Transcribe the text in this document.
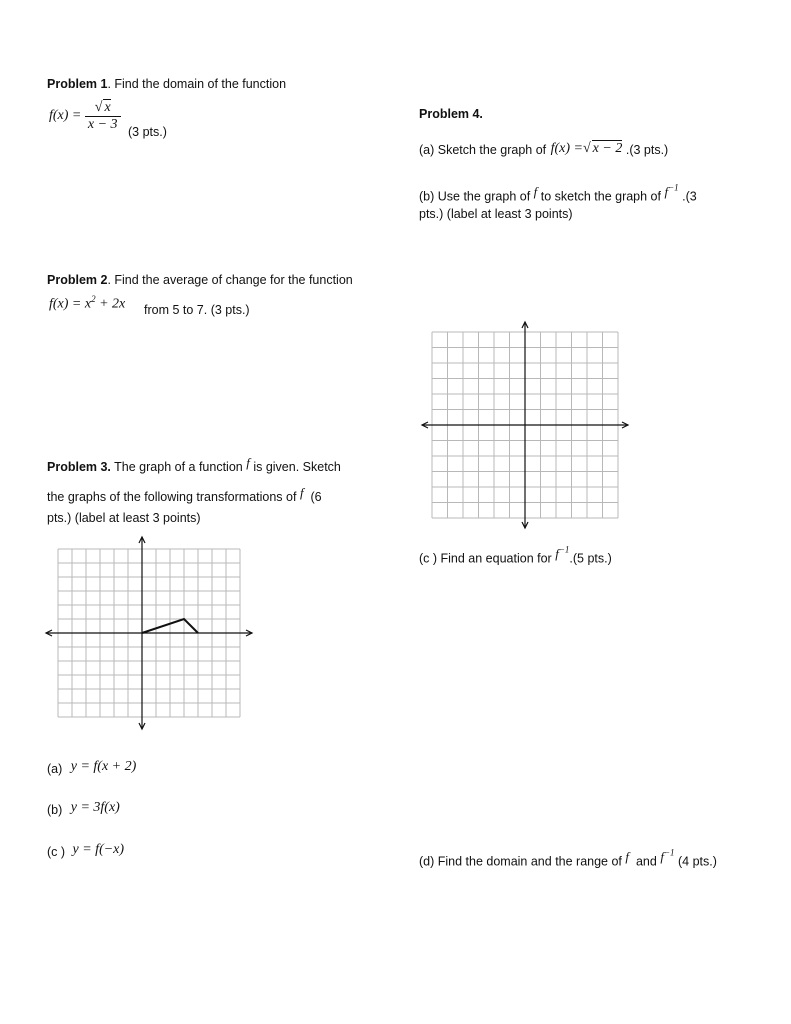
Problem 1. Find the domain of the function
$f(x) = \frac{√ x}{x - 3} (3$ pts.)
Problem 2. Find the average of change for the function
$f(x) = x^2 + 2x$ from 5 to 7. (3 pts.)
Problem 3. The graph of a function f is given. Sketch
the graphs of the following transformations of f (6
pts.) (label at least 3 points)
(a) y = f(x + 2)
(b) y = 3f(x)
(c ) y = f(−x)
Problem 4.
(a) Sketch the graph of f(x) =√ x − 2 .(3 pts.)
(b) Use the graph of f to sketch the graph of $f^{-1}$ .(3
pts.) (label at least 3 points)
(c ) Find an equation for $f^{-1}.(5$ pts.)
(d) Find the domain and the range of f and $f^{-1}$ (4 pts.)
